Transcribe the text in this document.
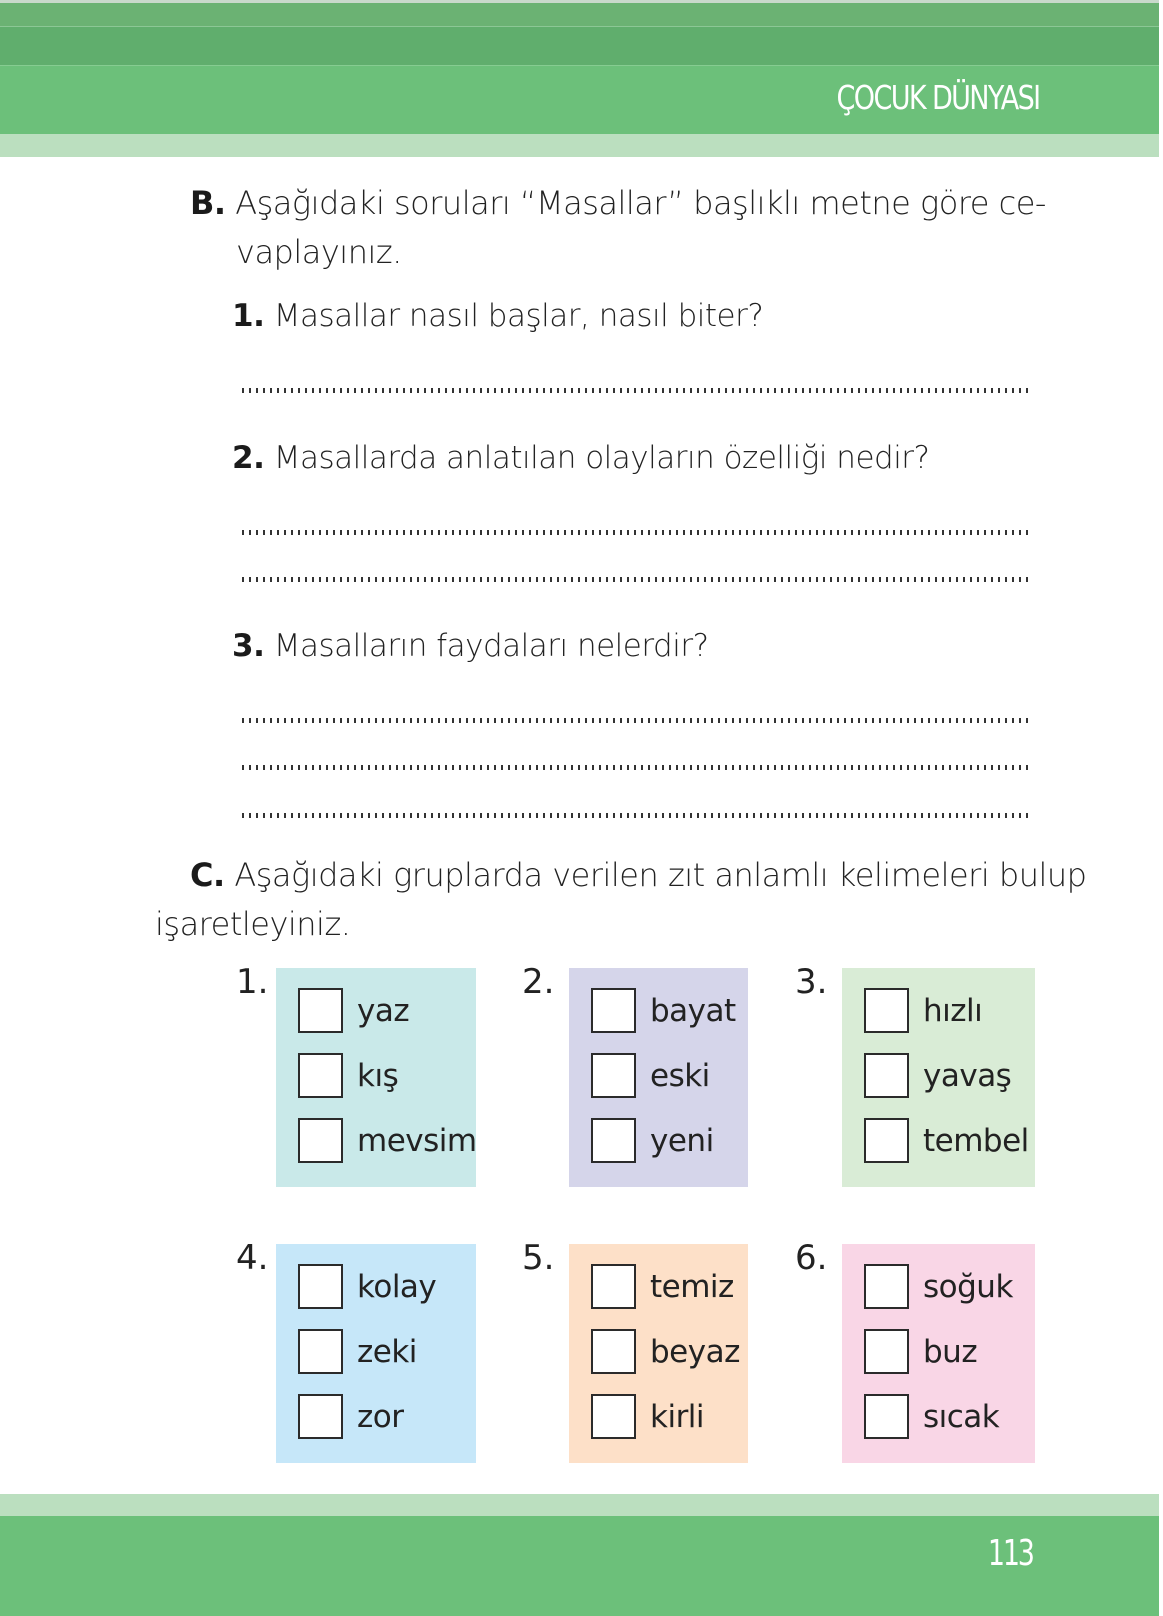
ÇOCUK DÜNYASI
B. Aşağıdaki soruları “Masallar” başlıklı metne göre ce-
vaplayınız.
1. Masallar nasıl başlar, nasıl biter?
2. Masallarda anlatılan olayların özelliği nedir?
3. Masalların faydaları nelerdir?
C. Aşağıdaki gruplarda verilen zıt anlamlı kelimeleri bulup
işaretleyiniz.
1.
yaz
kış
mevsim
2.
bayat
eski
yeni
3.
hızlı
yavaş
tembel
4.
kolay
zeki
zor
5.
temiz
beyaz
kirli
6.
soğuk
buz
sıcak
113
